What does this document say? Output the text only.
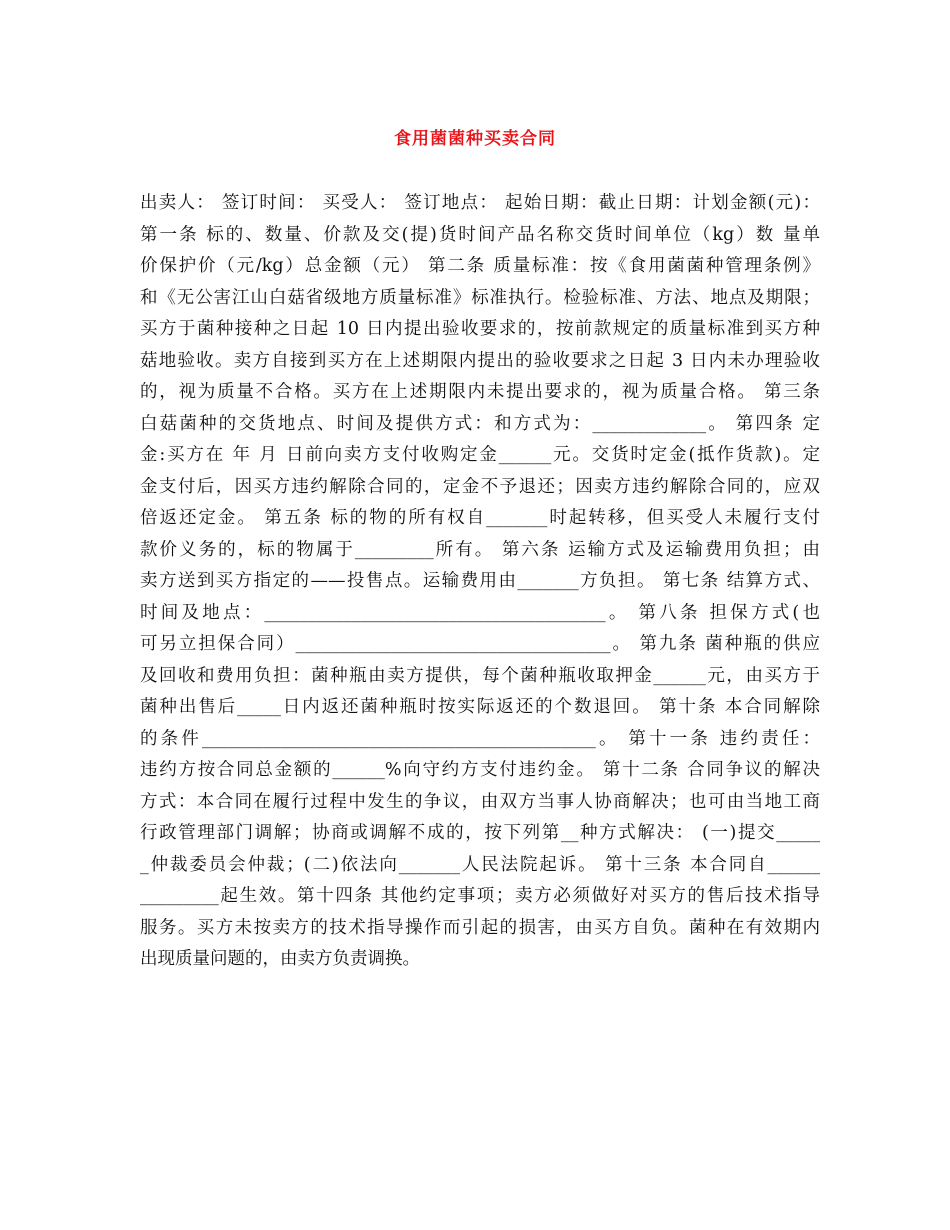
食用菌菌种买卖合同
出卖人： 签订时间： 买受人： 签订地点： 起始日期：截止日期：计划金额(元)：
第一条 标的、数量、价款及交(提)货时间产品名称交货时间单位（kg）数 量单
价保护价（元/kg）总金额（元） 第二条 质量标准：按《食用菌菌种管理条例》
和《无公害江山白菇省级地方质量标准》标准执行。检验标准、方法、地点及期限；
买方于菌种接种之日起 10 日内提出验收要求的，按前款规定的质量标准到买方种
菇地验收。卖方自接到买方在上述期限内提出的验收要求之日起 3 日内未办理验收
的，视为质量不合格。买方在上述期限内未提出要求的，视为质量合格。 第三条
白菇菌种的交货地点、时间及提供方式：和方式为：_____________。 第四条 定
金:买方在 年 月 日前向卖方支付收购定金______元。交货时定金(抵作货款)。定
金支付后，因买方违约解除合同的，定金不予退还；因卖方违约解除合同的，应双
倍返还定金。 第五条 标的物的所有权自_______时起转移，但买受人未履行支付
款价义务的，标的物属于_________所有。 第六条 运输方式及运输费用负担；由
卖方送到买方指定的——投售点。运输费用由_______方负担。 第七条 结算方式、
时间及地点：_______________________________________。 第八条 担保方式(也
可另立担保合同）____________________________________。 第九条 菌种瓶的供应
及回收和费用负担：菌种瓶由卖方提供，每个菌种瓶收取押金______元，由买方于
菌种出售后_____日内返还菌种瓶时按实际返还的个数退回。 第十条 本合同解除
的条件_____________________________________________。 第十一条 违约责任：
违约方按合同总金额的______%向守约方支付违约金。 第十二条 合同争议的解决
方式：本合同在履行过程中发生的争议，由双方当事人协商解决；也可由当地工商
行政管理部门调解；协商或调解不成的，按下列第__种方式解决： (一)提交_____
_仲裁委员会仲裁；(二)依法向_______人民法院起诉。 第十三条 本合同自______
_________起生效。第十四条 其他约定事项；卖方必须做好对买方的售后技术指导
服务。买方未按卖方的技术指导操作而引起的损害，由买方自负。菌种在有效期内
出现质量问题的，由卖方负责调换。
